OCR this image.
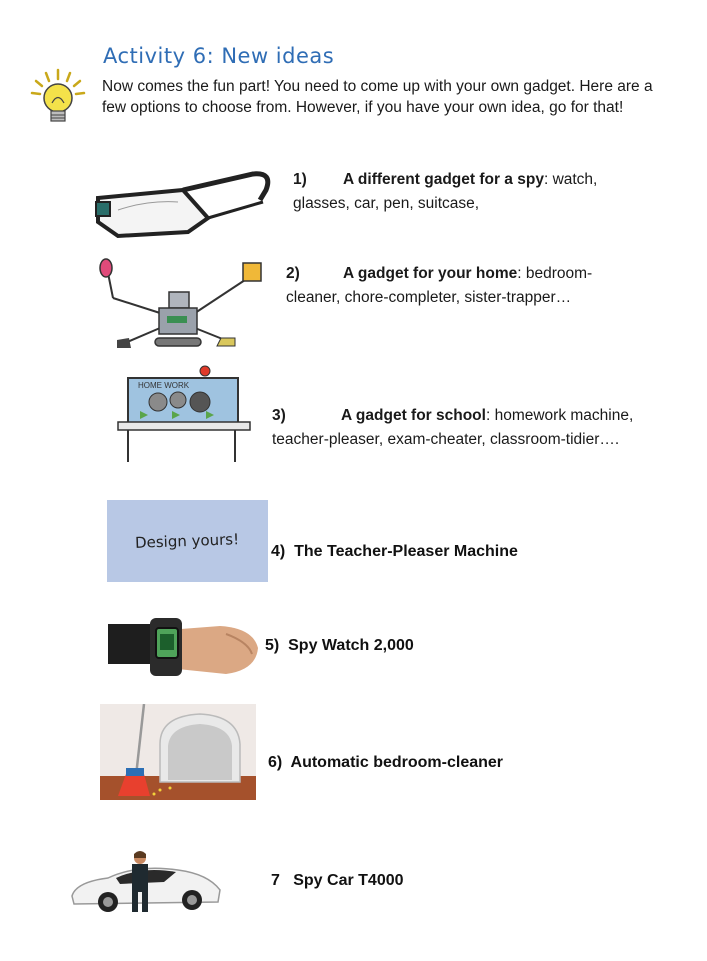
Activity 6: New ideas
Now comes the fun part! You need to come up with your own gadget. Here are a few options to choose from. However, if you have your own idea, go for that!
1) A different gadget for a spy: watch,
glasses, car, pen, suitcase,
2)	A gadget for your home: bedroom-
cleaner, chore-completer, sister-trapper…
HOME WORK
3)	A gadget for school: homework machine,
teacher-pleaser, exam-cheater, classroom-tidier….
Design yours! 4)  The Teacher-Pleaser Machine
5)  Spy Watch 2,000
6)  Automatic bedroom-cleaner
7   Spy Car T4000
